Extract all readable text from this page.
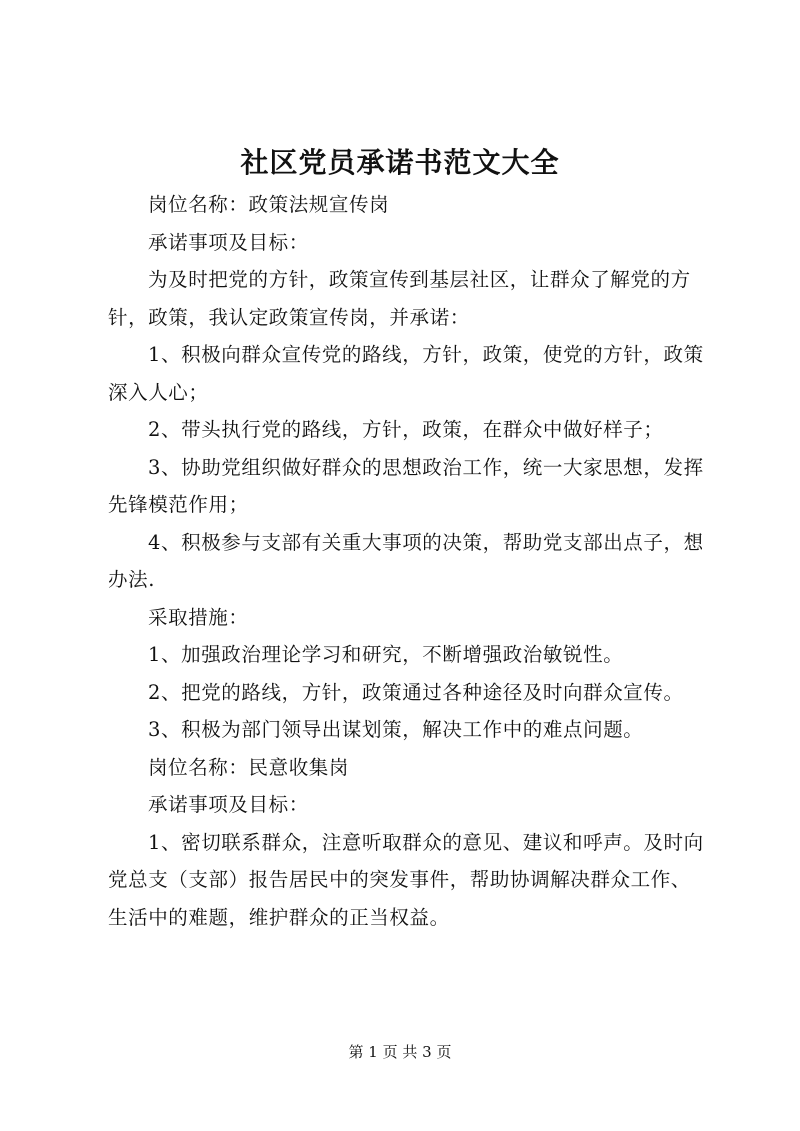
社区党员承诺书范文大全

岗位名称：政策法规宣传岗

承诺事项及目标：

为及时把党的方针，政策宣传到基层社区，让群众了解党的方针，政策，我认定政策宣传岗，并承诺：

1、积极向群众宣传党的路线，方针，政策，使党的方针，政策深入人心；

2、带头执行党的路线，方针，政策，在群众中做好样子；

3、协助党组织做好群众的思想政治工作，统一大家思想，发挥先锋模范作用；

4、积极参与支部有关重大事项的决策，帮助党支部出点子，想办法.

采取措施：

1、加强政治理论学习和研究，不断增强政治敏锐性。

2、把党的路线，方针，政策通过各种途径及时向群众宣传。

3、积极为部门领导出谋划策，解决工作中的难点问题。

岗位名称：民意收集岗

承诺事项及目标：

1、密切联系群众，注意听取群众的意见、建议和呼声。及时向党总支（支部）报告居民中的突发事件，帮助协调解决群众工作、生活中的难题，维护群众的正当权益。

第 1 页 共 3 页
